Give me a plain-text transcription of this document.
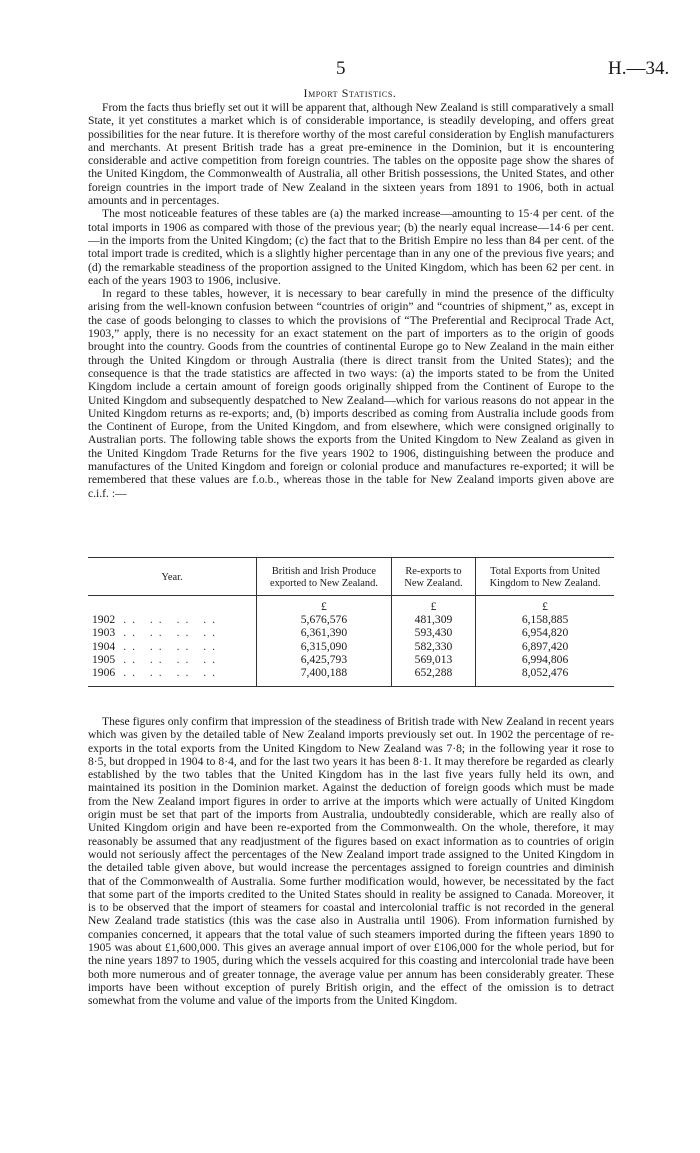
5	H.—34.
Import Statistics.

From the facts thus briefly set out it will be apparent that, although New Zealand is still comparatively a small State, it yet constitutes a market which is of considerable importance, is steadily developing, and offers great possibilities for the near future. It is therefore worthy of the most careful consideration by English manufacturers and merchants. At present British trade has a great pre-eminence in the Dominion, but it is encountering considerable and active competition from foreign countries. The tables on the opposite page show the shares of the United Kingdom, the Commonwealth of Australia, all other British possessions, the United States, and other foreign countries in the import trade of New Zealand in the sixteen years from 1891 to 1906, both in actual amounts and in percentages.

The most noticeable features of these tables are (a) the marked increase—amounting to 15·4 per cent. of the total imports in 1906 as compared with those of the previous year; (b) the nearly equal increase—14·6 per cent.—in the imports from the United Kingdom; (c) the fact that to the British Empire no less than 84 per cent. of the total import trade is credited, which is a slightly higher percentage than in any one of the previous five years; and (d) the remarkable steadiness of the proportion assigned to the United Kingdom, which has been 62 per cent. in each of the years 1903 to 1906, inclusive.

In regard to these tables, however, it is necessary to bear carefully in mind the presence of the difficulty arising from the well-known confusion between “countries of origin” and “countries of shipment,” as, except in the case of goods belonging to classes to which the provisions of “The Preferential and Reciprocal Trade Act, 1903,” apply, there is no necessity for an exact statement on the part of importers as to the origin of goods brought into the country. Goods from the countries of continental Europe go to New Zealand in the main either through the United Kingdom or through Australia (there is direct transit from the United States); and the consequence is that the trade statistics are affected in two ways: (a) the imports stated to be from the United Kingdom include a certain amount of foreign goods originally shipped from the Continent of Europe to the United Kingdom and subsequently despatched to New Zealand—which for various reasons do not appear in the United Kingdom returns as re-exports; and, (b) imports described as coming from Australia include goods from the Continent of Europe, from the United Kingdom, and from elsewhere, which were consigned originally to Australian ports. The following table shows the exports from the United Kingdom to New Zealand as given in the United Kingdom Trade Returns for the five years 1902 to 1906, distinguishing between the produce and manufactures of the United Kingdom and foreign or colonial produce and manufactures re-exported; it will be remembered that these values are f.o.b., whereas those in the table for New Zealand imports given above are c.i.f. :—

Year.	British and Irish Produce exported to New Zealand.	Re-exports to New Zealand.	Total Exports from United Kingdom to New Zealand.
	£	£	£
1902 .. .. .. ..	5,676,576	481,309	6,158,885
1903 .. .. .. ..	6,361,390	593,430	6,954,820
1904 .. .. .. ..	6,315,090	582,330	6,897,420
1905 .. .. .. ..	6,425,793	569,013	6,994,806
1906 .. .. .. ..	7,400,188	652,288	8,052,476

These figures only confirm that impression of the steadiness of British trade with New Zealand in recent years which was given by the detailed table of New Zealand imports previously set out. In 1902 the percentage of re-exports in the total exports from the United Kingdom to New Zealand was 7·8; in the following year it rose to 8·5, but dropped in 1904 to 8·4, and for the last two years it has been 8·1. It may therefore be regarded as clearly established by the two tables that the United Kingdom has in the last five years fully held its own, and maintained its position in the Dominion market. Against the deduction of foreign goods which must be made from the New Zealand import figures in order to arrive at the imports which were actually of United Kingdom origin must be set that part of the imports from Australia, undoubtedly considerable, which are really also of United Kingdom origin and have been re-exported from the Commonwealth. On the whole, therefore, it may reasonably be assumed that any readjustment of the figures based on exact information as to countries of origin would not seriously affect the percentages of the New Zealand import trade assigned to the United Kingdom in the detailed table given above, but would increase the percentages assigned to foreign countries and diminish that of the Commonwealth of Australia. Some further modification would, however, be necessitated by the fact that some part of the imports credited to the United States should in reality be assigned to Canada. Moreover, it is to be observed that the import of steamers for coastal and intercolonial traffic is not recorded in the general New Zealand trade statistics (this was the case also in Australia until 1906). From information furnished by companies concerned, it appears that the total value of such steamers imported during the fifteen years 1890 to 1905 was about £1,600,000. This gives an average annual import of over £106,000 for the whole period, but for the nine years 1897 to 1905, during which the vessels acquired for this coasting and intercolonial trade have been both more numerous and of greater tonnage, the average value per annum has been considerably greater. These imports have been without exception of purely British origin, and the effect of the omission is to detract somewhat from the volume and value of the imports from the United Kingdom.
